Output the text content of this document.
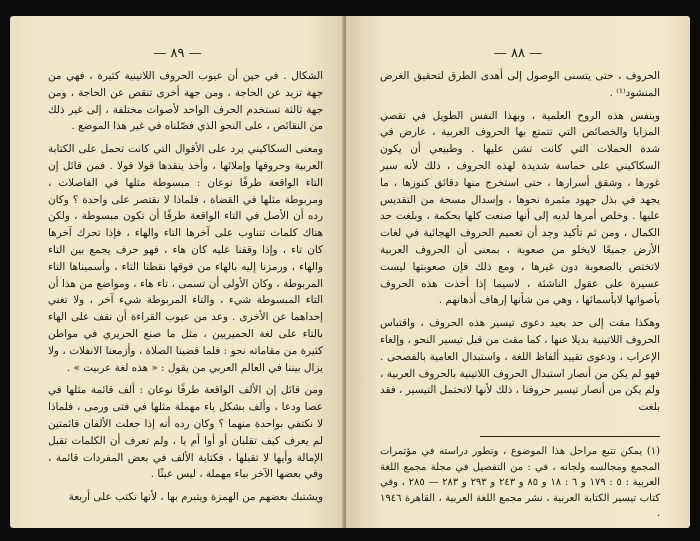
— ٨٩ —

الشكال . في حين أن عيوب الحروف اللاتينية كثيرة ، فهي من جهة تزيد عن الحاجة ، ومن جهة أخرى تنقص عن الحاجة ، ومن جهة ثالثة تستخدم الحرف الواحد لأصوات مختلفة ، إلى غير ذلك من النقائص ، على النحو الذي فصّلناه في غير هذا الموضع .

ومعنى السكاكيني يرد على الأقوال التي كانت تحمل على الكتابة العربية وحروفها وإملائها ، وأخذ ينقدها قولا قولا . فمن قائل إن التاء الواقعة طرفًا نوعان : مبسوطة مثلها في الفاصلات ، ومربوطة مثلها في القضاة ، فلماذا لا نقتصر على واحدة ؟ وكان رده أن الأصل في التاء الواقعة طرفًا أن تكون مبسوطة ، ولكن هناك كلمات تتناوب على آخرها التاء والهاء ، فإذا تحرك آخرها كان تاء ، وإذا وقفنا عليه كان هاء ، فهو حرف يجمع بين التاء والهاء ، ورمزنا إليه بالهاء من فوقها نقطتا التاء ، وأسميناها التاء المربوطة ، وكان الأولى أن تسمى ، تاء هاء ، ومواضع من هذا أن التاء المبسوطة شيء ، والتاء المربوطة شيء آخر ، ولا تغني إحداهما عن الأخرى . وعد من عيوب القراءة أن نقف على الهاء بالتاء على لغة الحميريين ، مثل ما صنع الحريري في مواطن كثيرة من مقاماته نحو : فلما قضينا الصلاة ، وأزمعنا الانفلات ، ولا يزال بيننا في العالم العربي من يقول : « هذه لغة عربيت » .

ومن قائل إن الألف الواقعة طرفًا نوعان : ألف قائمة مثلها في عصا ودعا ، وألف بشكل ياء مهملة مثلها في فتى ورمى ، فلماذا لا نكتفي بواحدة منهما ؟ وكان رده أنه إذا جعلت الألفان قائمتين لم يعرف كيف تقلبان أو أوا أم يا ، ولم تعرف أن الكلمات تقبل الإمالة وأيها لا تقبلها ، فكتابة الألف في بعض المفردات قائمة ، وفي بعضها الآخر بياء مهملة ، ليس عبثًا .

ويشتبك بعضهم من الهمزة ويتبرم بها ، لأنها تكتب على أربعة

— ٨٨ —

الحروف ، حتى يتسنى الوصول إلى أهدى الطرق لتحقيق الغرض المنشود⁽¹⁾ .

وبنفس هذه الروح العلمية ، وبهذا النفس الطويل في تقصي المزايا والخصائص التي تتمتع بها الحروف العربية ، عارض في شدة الحملات التي كانت تشن عليها . وطبيعي أن يكون السكاكيني على حماسة شديدة لهذه الحروف ، ذلك لأنه سبر غورها ، وشقق أسرارها ، حتى استخرج منها دقائق كنوزها ، ما يجهد في بذل جهود مثمرة نحوها ، وإسدال مسحة من التقديس عليها . وخلص أمرها لديه إلى أنها صنعت كلها بحكمة ، وبلغت حد الكمال ، ومن ثم تأكيد وجد أن تعميم الحروف الهجائية في لغات الأرض جميعًا لايخلو من صعوبة ، بمعنى أن الحروف العربية لاتختص بالصعوبة دون غيرها ، ومع ذلك فإن صعوبتها ليست عسيرة على عقول الناشئة ، لاسيما إذا أخذت هذه الحروف بأصواتها لابأسمائها ، وهي من شأنها إرهاف أذهانهم .

وهكذا مقت إلى حد بعيد دعوى تيسير هذه الحروف ، واقتباس الحروف اللاتينية بديلا عنها ، كما مقت من قبل تيسير النحو ، وإلغاء الإعراب ، ودعوى تقييد ألفاظ اللغة ، واستبدال العامية بالفصحى . فهو لم يكن من أنصار استبدال الحروف اللاتينية بالحروف العربية ، ولم يكن من أنصار تيسير حروفنا ، ذلك لأنها لاتحتمل التيسير ، فقد بلغت

(١) يمكن تتبع مراحل هذا الموضوع ، وتطور دراسته في مؤتمرات المجمع ومجالسه ولجانه ، في : من التفصيل في مجلة مجمع اللغة العربية : ٥ : ١٧٩ و ٦ : ١٨ و ٨٥ و ٢٤٣ و ٢٩٣ و ٢٨٣ — ٢٨٥ ، وفي كتاب تيسير الكتابة العربية ، نشر مجمع اللغة العربية ، القاهرة ١٩٤٦ .
